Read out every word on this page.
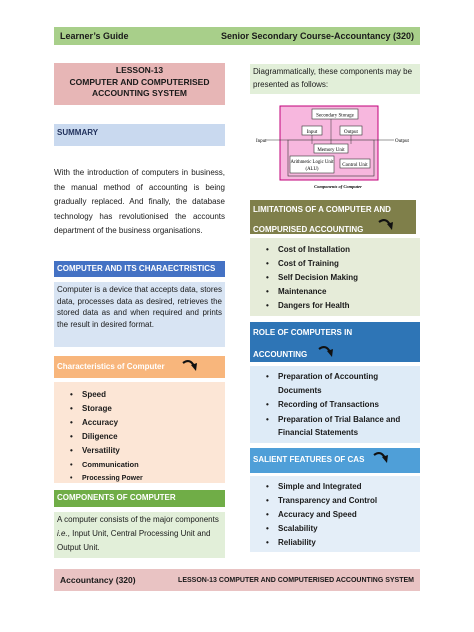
Learner’s Guide	Senior Secondary Course-Accountancy (320)
LESSON-13
COMPUTER AND COMPUTERISED
ACCOUNTING SYSTEM
SUMMARY
With the introduction of computers in business, the manual method of accounting is being gradually replaced. And finally, the database technology has revolutionised the accounts department of the business organisations.
COMPUTER AND ITS CHARAECTRISTICS
Computer is a device that accepts data, stores data, processes data as desired, retrieves the stored data as and when required and prints the result in desired format.
Characteristics of Computer
• Speed
• Storage
• Accuracy
• Diligence
• Versatility
• Communication
• Processing Power
COMPONENTS OF COMPUTER
A computer consists of the major components i.e., Input Unit, Central Processing Unit and Output Unit.
Diagrammatically, these components may be presented as follows:
Secondary Storage
Input	Output
Memory Unit
Arithmetic Logic Unit
(ALU)
Control Unit
Input	Output
Components of Computer
LIMITATIONS OF A COMPUTER AND
COMPURISED ACCOUNTING
• Cost of Installation
• Cost of Training
• Self Decision Making
• Maintenance
• Dangers for Health
ROLE OF COMPUTERS IN
ACCOUNTING
• Preparation of Accounting Documents
• Recording of Transactions
• Preparation of Trial Balance and Financial Statements
SALIENT FEATURES OF CAS
• Simple and Integrated
• Transparency and Control
• Accuracy and Speed
• Scalability
• Reliability
Accountancy (320)	LESSON-13 COMPUTER AND COMPUTERISED ACCOUNTING SYSTEM
